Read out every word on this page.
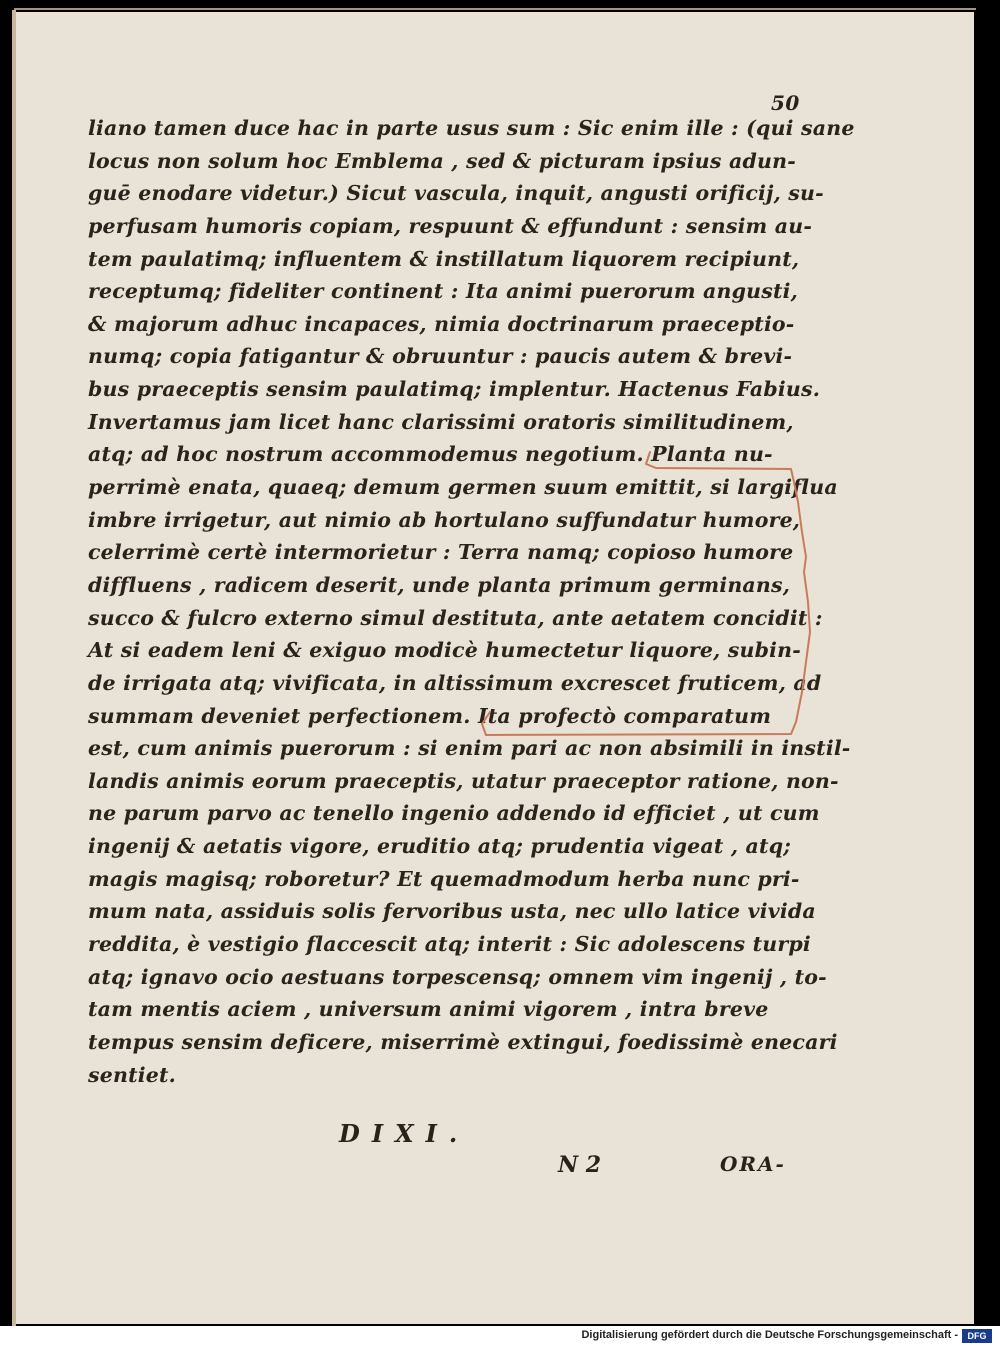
50
liano tamen duce hac in parte usus sum : Sic enim ille : (qui sane
locus non solum hoc Emblema , sed & picturam ipsius adun-
guē enodare videtur.) Sicut vascula, inquit, angusti orificij, su-
perfusam humoris copiam, respuunt & effundunt : sensim au-
tem paulatimq; influentem & instillatum liquorem recipiunt,
receptumq; fideliter continent : Ita animi puerorum angusti,
& majorum adhuc incapaces, nimia doctrinarum praeceptio-
numq; copia fatigantur & obruuntur : paucis autem & brevi-
bus praeceptis sensim paulatimq; implentur. Hactenus Fabius.
Invertamus jam licet hanc clarissimi oratoris similitudinem,
atq; ad hoc nostrum accommodemus negotium. Planta nu-
perrimè enata, quaeq; demum germen suum emittit, si largiflua
imbre irrigetur, aut nimio ab hortulano suffundatur humore,
celerrimè certè intermorietur : Terra namq; copioso humore
diffluens , radicem deserit, unde planta primum germinans,
succo & fulcro externo simul destituta, ante aetatem concidit :
At si eadem leni & exiguo modicè humectetur liquore, subin-
de irrigata atq; vivificata, in altissimum excrescet fruticem, ad
summam deveniet perfectionem. Ita profectò comparatum
est, cum animis puerorum : si enim pari ac non absimili in instil-
landis animis eorum praeceptis, utatur praeceptor ratione, non-
ne parum parvo ac tenello ingenio addendo id efficiet , ut cum
ingenij & aetatis vigore, eruditio atq; prudentia vigeat , atq;
magis magisq; roboretur? Et quemadmodum herba nunc pri-
mum nata, assiduis solis fervoribus usta, nec ullo latice vivida
reddita, è vestigio flaccescit atq; interit : Sic adolescens turpi
atq; ignavo ocio aestuans torpescensq; omnem vim ingenij , to-
tam mentis aciem , universum animi vigorem , intra breve
tempus sensim deficere, miserrimè extingui, foedissimè enecari
sentiet.
DIXI.
N 2	ORA-
Digitalisierung gefördert durch die Deutsche Forschungsgemeinschaft -	DFG
